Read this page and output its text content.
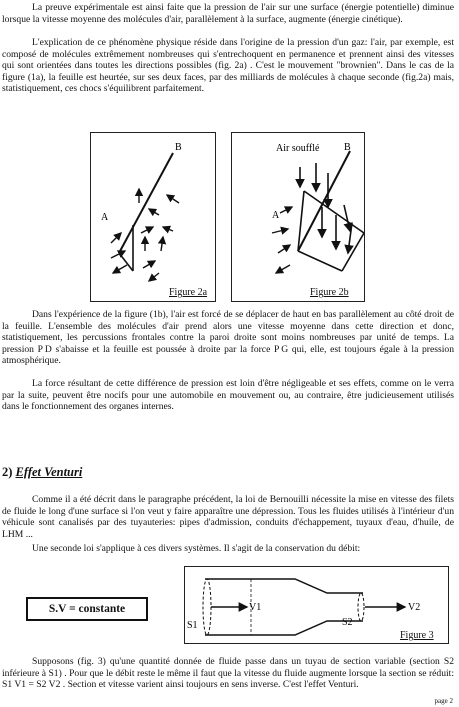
La preuve expérimentale est ainsi faite que la pression de l'air sur une surface (énergie potentielle) diminue lorsque la vitesse moyenne des molécules d'air, parallèlement à la surface, augmente (énergie cinétique).

L'explication de ce phénomène physique réside dans l'origine de la pression d'un gaz: l'air, par exemple, est composé de molécules extrêmement nombreuses qui s'entrechoquent en permanence et prennent ainsi des vitesses qui sont orientées dans toutes les directions possibles (fig. 2a) . C'est le mouvement "brownien". Dans le cas de la figure (1a), la feuille est heurtée, sur ses deux faces, par des milliards de molécules à chaque seconde (fig.2a) mais, statistiquement, ces chocs s'équilibrent parfaitement.

A
B
Figure 2a
Air soufflé B
A
Figure 2b

Dans l'expérience de la figure (1b), l'air est forcé de se déplacer de haut en bas parallèlement au côté droit de la feuille. L'ensemble des molécules d'air prend alors une vitesse moyenne dans cette direction et donc, statistiquement, les percussions frontales contre la paroi droite sont moins nombreuses par unité de temps. La pression P D s'abaisse et la feuille est poussée à droite par la force P G qui, elle, est toujours égale à la pression atmosphérique.

La force résultant de cette différence de pression est loin d'être négligeable et ses effets, comme on le verra par la suite, peuvent être nocifs pour une automobile en mouvement ou, au contraire, être judicieusement utilisés dans le fonctionnement des organes internes.

2) Effet Venturi

Comme il a été décrit dans le paragraphe précédent, la loi de Bernouilli nécessite la mise en vitesse des filets de fluide le long d'une surface si l'on veut y faire apparaître une dépression. Tous les fluides utilisés à l'intérieur d'un véhicule sont canalisés par des tuyauteries: pipes d'admission, conduits d'échappement, tuyaux d'eau, d'huile, de LHM ...

Une seconde loi s'applique à ces divers systèmes. Il s'agit de la conservation du débit:

S.V = constante	V1	V2
S1	S2
Figure 3

Supposons (fig. 3) qu'une quantité donnée de fluide passe dans un tuyau de section variable (section S2 inférieure à S1) . Pour que le débit reste le même il faut que la vitesse du fluide augmente lorsque la section se réduit: S1 V1 = S2 V2 . Section et vitesse varient ainsi toujours en sens inverse. C'est l'effet Venturi.

page 2
